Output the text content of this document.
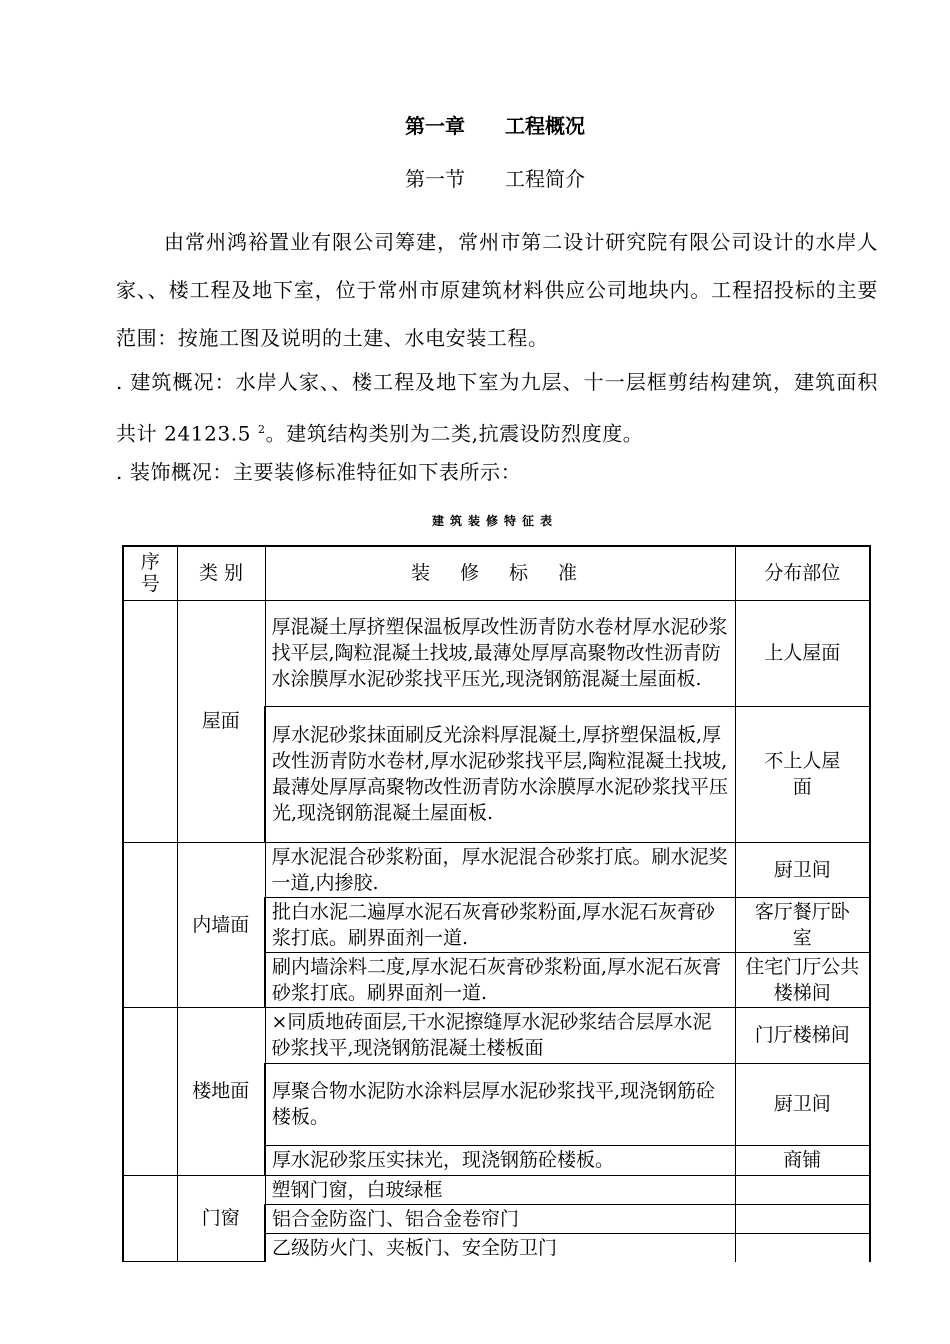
第一章　　工程概况
第一节　　工程简介
由常州鸿裕置业有限公司筹建，常州市第二设计研究院有限公司设计的水岸人家、、楼工程及地下室，位于常州市原建筑材料供应公司地块内。工程招投标的主要范围：按施工图及说明的土建、水电安装工程。
. 建筑概况：水岸人家、、楼工程及地下室为九层、十一层框剪结构建筑，建筑面积共计 24123.5 $^2$。建筑结构类别为二类,抗震设防烈度度。
. 装饰概况：主要装修标准特征如下表所示：
建筑装修特征表
序号	类 别	装 修 标 准	分布部位
	屋面	厚混凝土厚挤塑保温板厚改性沥青防水卷材厚水泥砂浆找平层,陶粒混凝土找坡,最薄处厚厚高聚物改性沥青防水涂膜厚水泥砂浆找平压光,现浇钢筋混凝土屋面板.	上人屋面
		厚水泥砂浆抹面刷反光涂料厚混凝土,厚挤塑保温板,厚改性沥青防水卷材,厚水泥砂浆找平层,陶粒混凝土找坡,最薄处厚厚高聚物改性沥青防水涂膜厚水泥砂浆找平压光,现浇钢筋混凝土屋面板.	不上人屋面
	内墙面	厚水泥混合砂浆粉面，厚水泥混合砂浆打底。刷水泥奖一道,内掺胶.	厨卫间
		批白水泥二遍厚水泥石灰膏砂浆粉面,厚水泥石灰膏砂浆打底。刷界面剂一道.	客厅餐厅卧室
		刷内墙涂料二度,厚水泥石灰膏砂浆粉面,厚水泥石灰膏砂浆打底。刷界面剂一道.	住宅门厅公共楼梯间
	楼地面	×同质地砖面层,干水泥擦缝厚水泥砂浆结合层厚水泥砂浆找平,现浇钢筋混凝土楼板面	门厅楼梯间
		厚聚合物水泥防水涂料层厚水泥砂浆找平,现浇钢筋砼楼板。	厨卫间
		厚水泥砂浆压实抹光，现浇钢筋砼楼板。	商铺
	门窗	塑钢门窗，白玻绿框	
		铝合金防盗门、铝合金卷帘门	
		乙级防火门、夹板门、安全防卫门	
